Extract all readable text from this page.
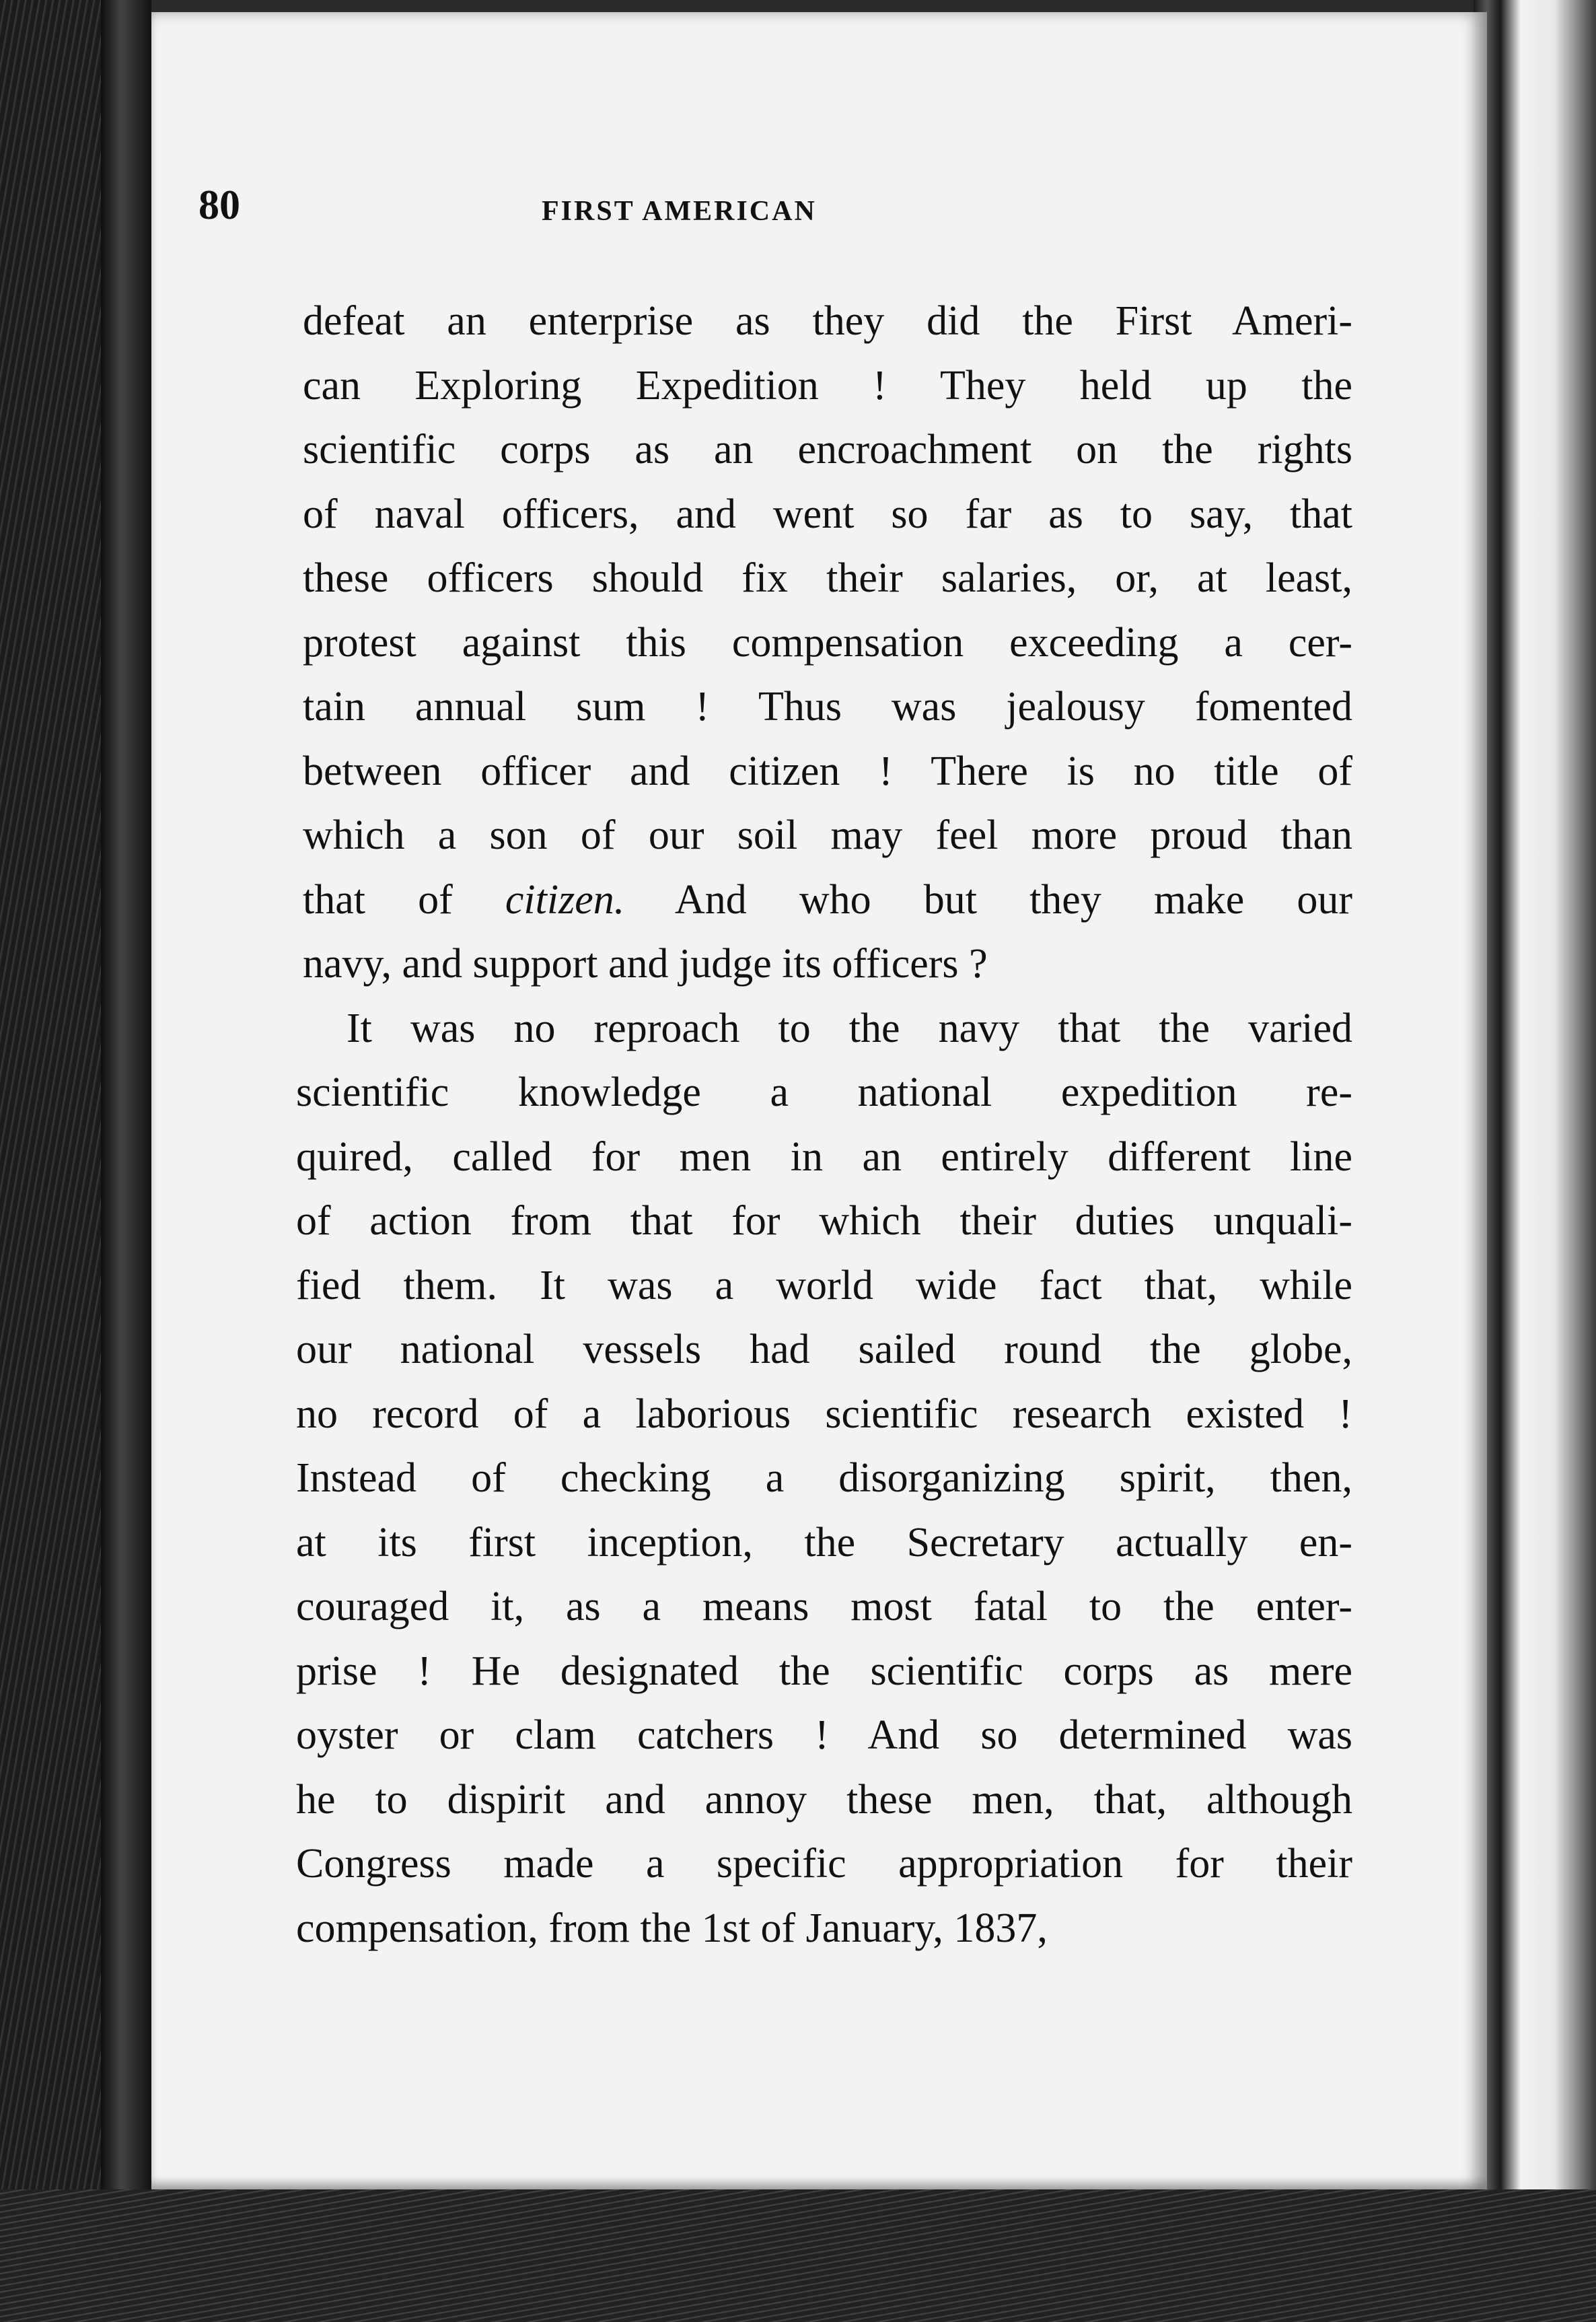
80	FIRST AMERICAN
defeat an enterprise as they did the First Ameri-
can Exploring Expedition ! They held up the
scientific corps as an encroachment on the rights
of naval officers, and went so far as to say, that
these officers should fix their salaries, or, at least,
protest against this compensation exceeding a cer-
tain annual sum ! Thus was jealousy fomented
between officer and citizen ! There is no title of
which a son of our soil may feel more proud than
that of citizen. And who but they make our
navy, and support and judge its officers ?
It was no reproach to the navy that the varied
scientific knowledge a national expedition re-
quired, called for men in an entirely different line
of action from that for which their duties unquali-
fied them. It was a world wide fact that, while
our national vessels had sailed round the globe,
no record of a laborious scientific research existed !
Instead of checking a disorganizing spirit, then,
at its first inception, the Secretary actually en-
couraged it, as a means most fatal to the enter-
prise ! He designated the scientific corps as mere
oyster or clam catchers ! And so determined was
he to dispirit and annoy these men, that, although
Congress made a specific appropriation for their
compensation, from the 1st of January, 1837,
